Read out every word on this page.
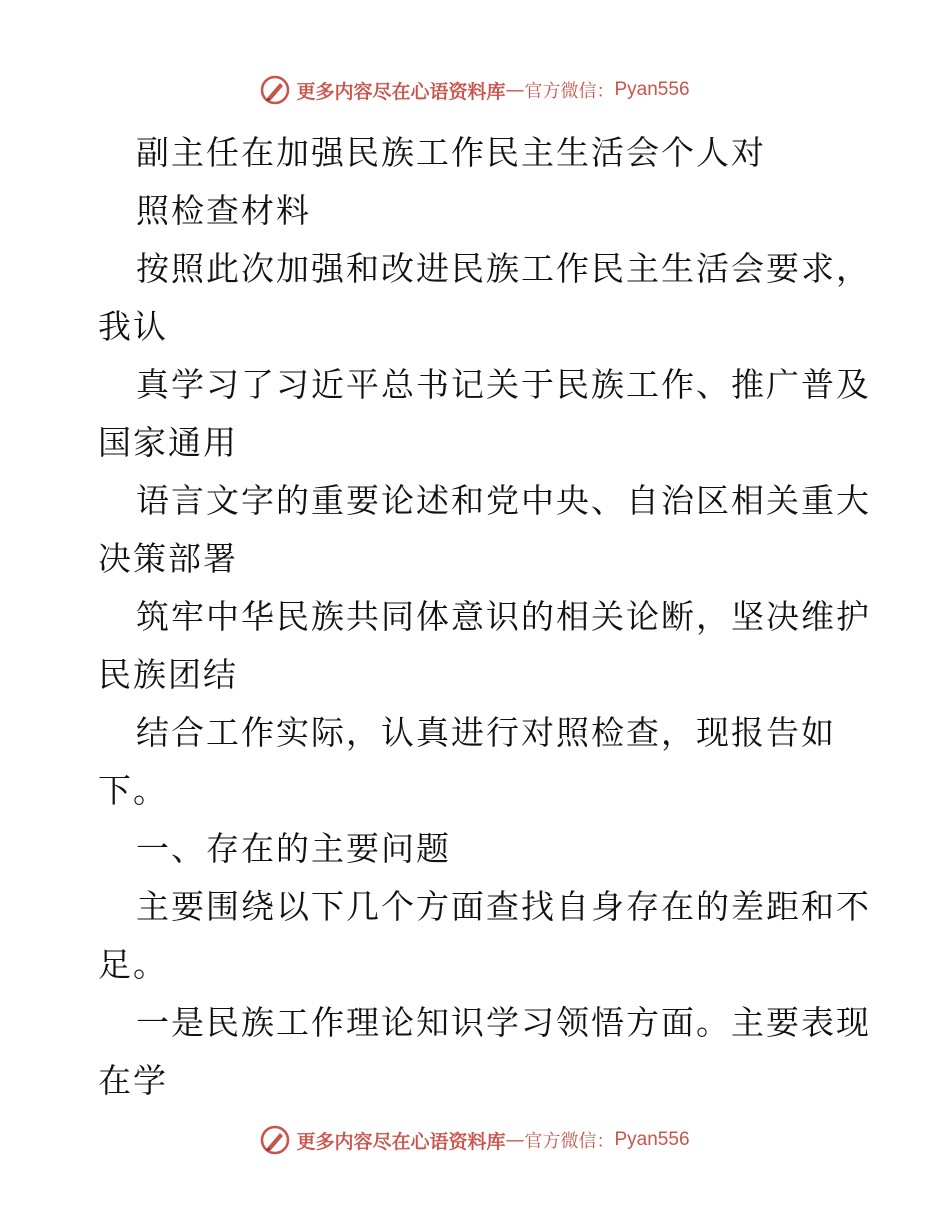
更多内容尽在心语资料库 — 官方微信： Pyan556
副主任在加强民族工作民主生活会个人对
照检查材料
按照此次加强和改进民族工作民主生活会要求，
我认
真学习了习近平总书记关于民族工作、推广普及
国家通用
语言文字的重要论述和党中央、自治区相关重大
决策部署
筑牢中华民族共同体意识的相关论断，坚决维护
民族团结
结合工作实际，认真进行对照检查，现报告如
下。
一、存在的主要问题
主要围绕以下几个方面查找自身存在的差距和不
足。
一是民族工作理论知识学习领悟方面。主要表现
在学
更多内容尽在心语资料库 — 官方微信： Pyan556
